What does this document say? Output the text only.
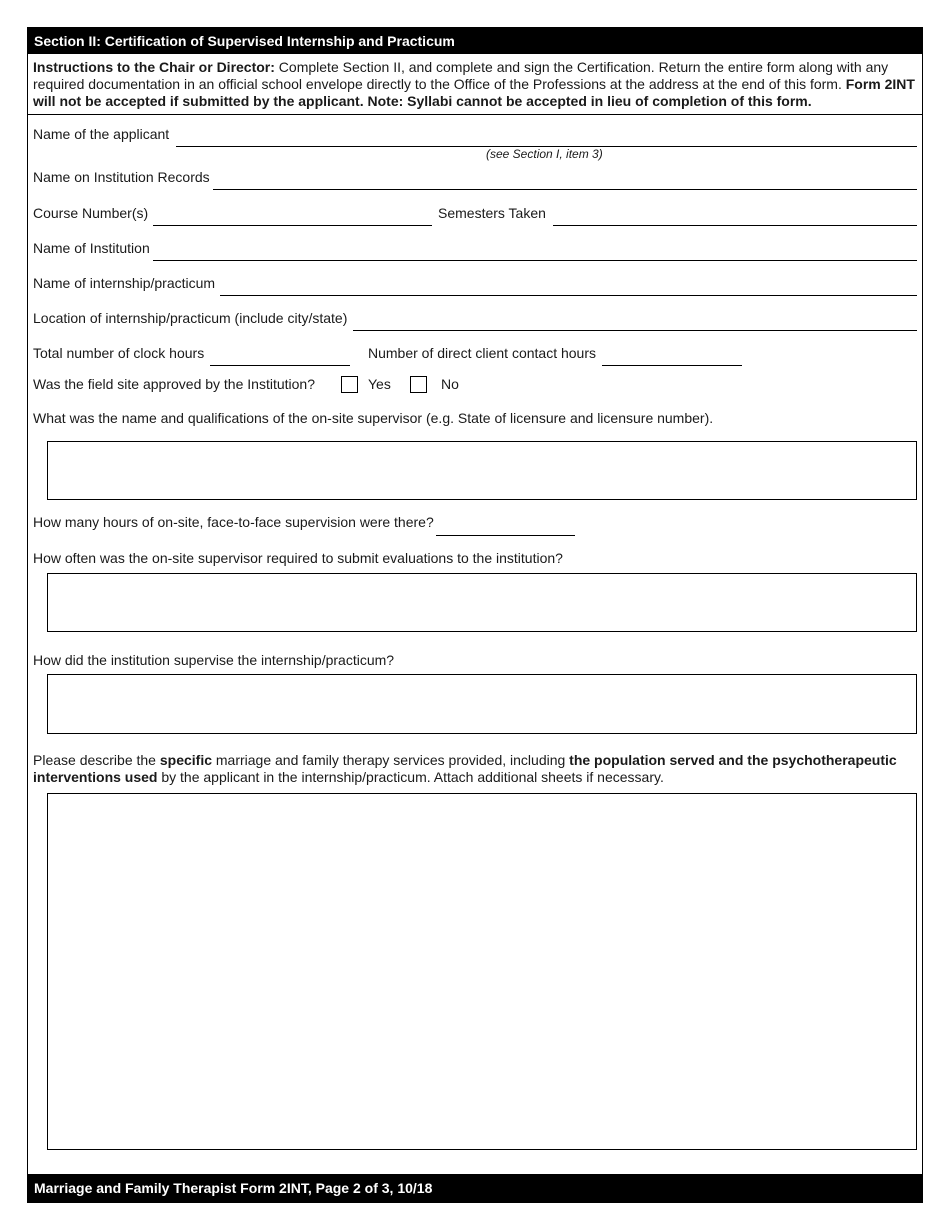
Section II: Certification of Supervised Internship and Practicum
Instructions to the Chair or Director: Complete Section II, and complete and sign the Certification. Return the entire form along with any required documentation in an official school envelope directly to the Office of the Professions at the address at the end of this form. Form 2INT will not be accepted if submitted by the applicant. Note: Syllabi cannot be accepted in lieu of completion of this form.
Name of the applicant
(see Section I, item 3)
Name on Institution Records
Course Number(s)	Semesters Taken
Name of Institution
Name of internship/practicum
Location of internship/practicum (include city/state)
Total number of clock hours	Number of direct client contact hours
Was the field site approved by the Institution?	Yes	No
What was the name and qualifications of the on-site supervisor (e.g. State of licensure and licensure number).
How many hours of on-site, face-to-face supervision were there?
How often was the on-site supervisor required to submit evaluations to the institution?
How did the institution supervise the internship/practicum?
Please describe the specific marriage and family therapy services provided, including the population served and the psychotherapeutic interventions used by the applicant in the internship/practicum. Attach additional sheets if necessary.
Marriage and Family Therapist Form 2INT, Page 2 of 3, 10/18
